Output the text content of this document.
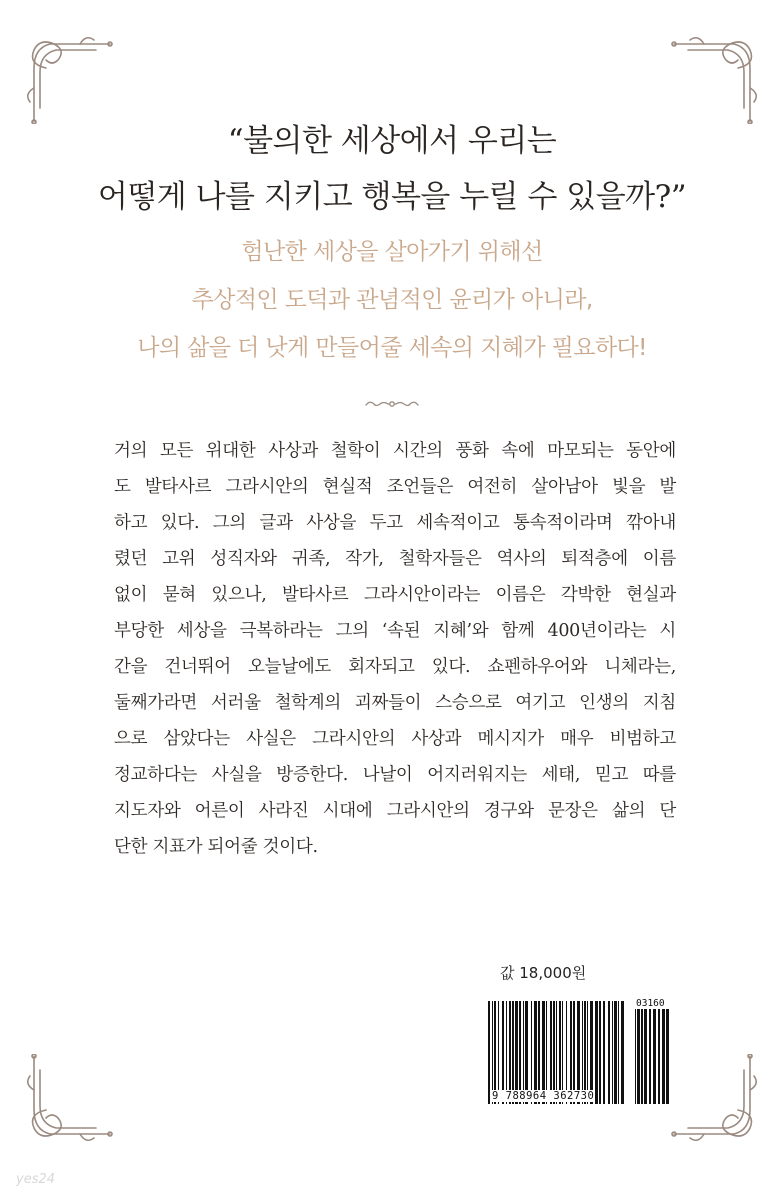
“불의한 세상에서 우리는
어떻게 나를 지키고 행복을 누릴 수 있을까?”
험난한 세상을 살아가기 위해선
추상적인 도덕과 관념적인 윤리가 아니라,
나의 삶을 더 낫게 만들어줄 세속의 지혜가 필요하다!
거의 모든 위대한 사상과 철학이 시간의 풍화 속에 마모되는 동안에
도 발타사르 그라시안의 현실적 조언들은 여전히 살아남아 빛을 발
하고 있다. 그의 글과 사상을 두고 세속적이고 통속적이라며 깎아내
렸던 고위 성직자와 귀족, 작가, 철학자들은 역사의 퇴적층에 이름
없이 묻혀 있으나, 발타사르 그라시안이라는 이름은 각박한 현실과
부당한 세상을 극복하라는 그의 ‘속된 지혜’와 함께 400년이라는 시
간을 건너뛰어 오늘날에도 회자되고 있다. 쇼펜하우어와 니체라는,
둘째가라면 서러울 철학계의 괴짜들이 스승으로 여기고 인생의 지침
으로 삼았다는 사실은 그라시안의 사상과 메시지가 매우 비범하고
정교하다는 사실을 방증한다. 나날이 어지러워지는 세태, 믿고 따를
지도자와 어른이 사라진 시대에 그라시안의 경구와 문장은 삶의 단
단한 지표가 되어줄 것이다.
값 18,000원
9 788964 362730
03160
yes24
